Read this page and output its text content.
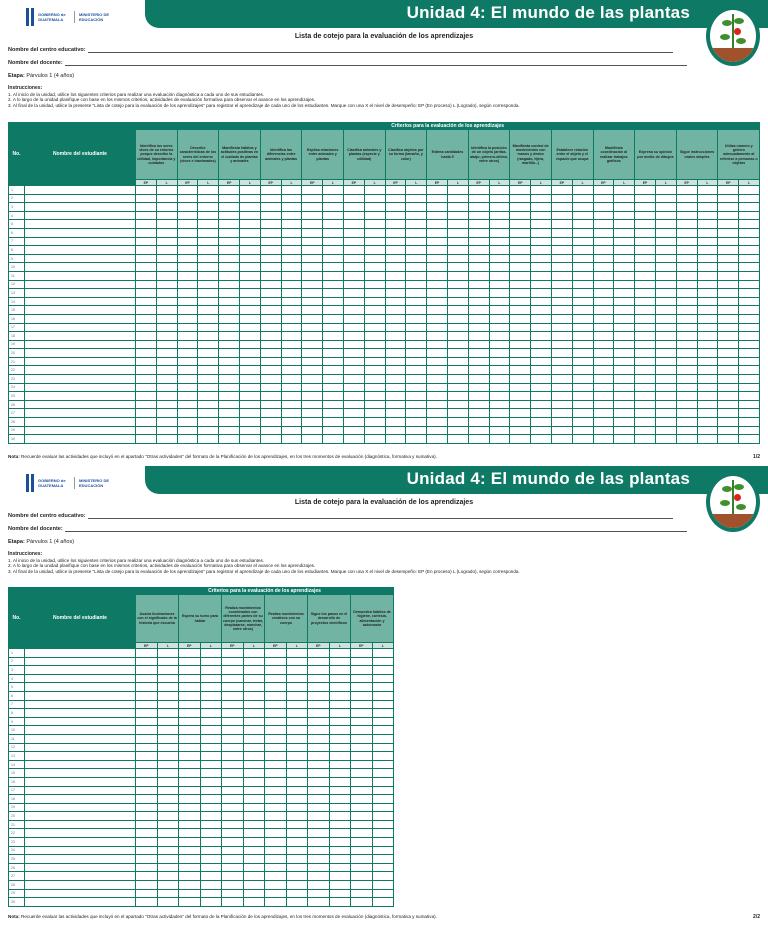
GOBIERNO de GUATEMALA
MINISTERIO DE EDUCACIÓN	Unidad 4: El mundo de las plantas
Lista de cotejo para la evaluación de los aprendizajes
Nombre del centro educativo:
Nombre del docente:
Etapa: Párvulos 1 (4 años)
Instrucciones:
1. Al inicio de la unidad, utilice los siguientes criterios para realizar una evaluación diagnóstica a cada uno de sus estudiantes.
2. A lo largo de la unidad planifique con base en los mismos criterios, actividades de evaluación formativa para observar el avance en los aprendizajes.
3. Al final de la unidad, utilice la presente "Lista de cotejo para la evaluación de los aprendizajes" para registrar el aprendizaje de cada uno de los estudiantes. Marque con una X el nivel de desempeño: EP (En proceso) L (Logrado), según corresponda.
No.	Nombre del estudiante	Criterios para la evaluación de los aprendizajes																													
		Identifica los seres vivos de su entorno porque describe la utilidad, importancia y cuidados		Describe características de los seres del entorno (vivos e inanimados)		Manifiesta hábitos y actitudes positivas en el cuidado de plantas y animales		Identifica las diferencias entre animales y plantas		Explica relaciones entre animales y plantas		Clasifica animales y plantas (especie y utilidad)		Clasifica objetos por su forma (tamaño, y color)		Estima cantidades hasta 5		Identifica la posición de un objeto (arriba-abajo; primero-último, entre otros)		Manifiesta control de movimientos con manos y dedos (rasgado, tijera, martillo...)		Establece relación entre el objeto y el espacio que ocupa		Manifiesta coordinación al realizar trabajos gráficos		Expresa su opinión por medio de dibujos		Sigue instrucciones orales simples		Utiliza número y género adecuadamente al referirse a personas u objetos	
		EP	L	EP	L	EP	L	EP	L	EP	L	EP	L	EP	L	EP	L	EP	L	EP	L	EP	L	EP	L	EP	L	EP	L	EP	L
1																															
2																															
3																															
4																															
5																															
6																															
7																															
8																															
9																															
10																															
11																															
12																															
13																															
14																															
15																															
16																															
17																															
18																															
19																															
20																															
21																															
22																															
23																															
24																															
25																															
26																															
27																															
28																															
29																															
30																															
Nota: Recuerde evaluar las actividades que incluyó en el apartado "Otras actividades" del formato de la Planificación de los aprendizajes, en los tres momentos de evaluación (diagnóstica, formativa y sumativa).	1/2
GOBIERNO de GUATEMALA
MINISTERIO DE EDUCACIÓN	Unidad 4: El mundo de las plantas
Lista de cotejo para la evaluación de los aprendizajes
Nombre del centro educativo:
Nombre del docente:
Etapa: Párvulos 1 (4 años)
Instrucciones:
1. Al inicio de la unidad, utilice los siguientes criterios para realizar una evaluación diagnóstica a cada uno de sus estudiantes.
2. A lo largo de la unidad planifique con base en los mismos criterios, actividades de evaluación formativa para observar el avance en los aprendizajes.
3. Al final de la unidad, utilice la presente "Lista de cotejo para la evaluación de los aprendizajes" para registrar el aprendizaje de cada uno de los estudiantes. Marque con una X el nivel de desempeño: EP (En proceso) L (Logrado), según corresponda.
No.	Nombre del estudiante	Criterios para la evaluación de los aprendizajes											
		Asocia ilustraciones con el significado de la historia que escucha		Espera su turno para hablar		Realiza movimientos coordinados con diferentes partes de su cuerpo (caminar, trotar, desplazarse, marchar, entre otros)		Realiza movimientos creativos con su cuerpo		Sigue los pasos en el desarrollo de proyectos científicos		Demuestra hábitos de higiene, cortesía, alimentación y autonomía	
		EP	L	EP	L	EP	L	EP	L	EP	L	EP	L
1													
2													
3													
4													
5													
6													
7													
8													
9													
10													
11													
12													
13													
14													
15													
16													
17													
18													
19													
20													
21													
22													
23													
24													
25													
26													
27													
28													
29													
30													
Nota: Recuerde evaluar las actividades que incluyó en el apartado "Otras actividades" del formato de la Planificación de los aprendizajes, en los tres momentos de evaluación (diagnóstica, formativa y sumativa).	2/2
